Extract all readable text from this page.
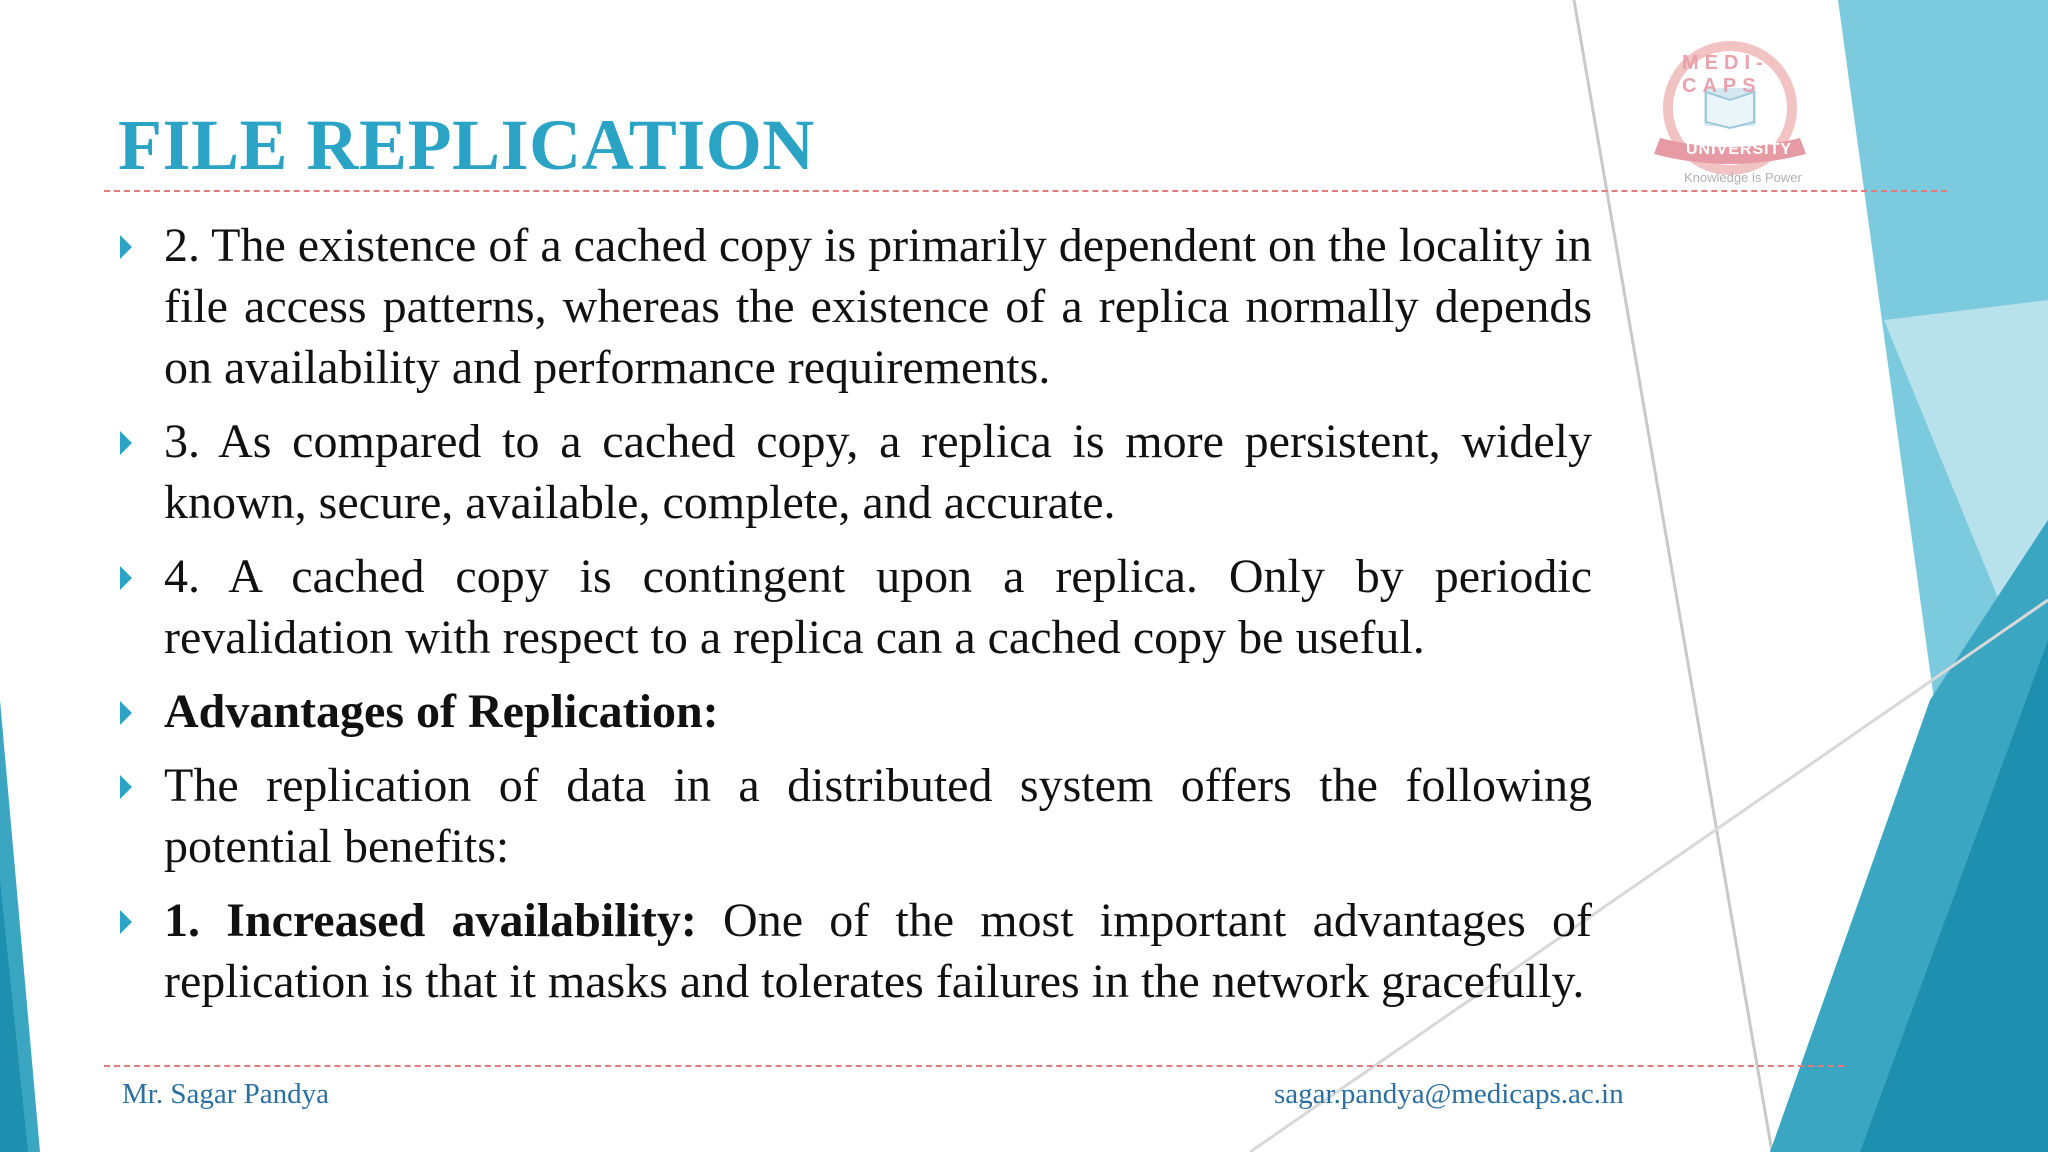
MEDI-CAPS
UNIVERSITY
Knowledge is Power
FILE REPLICATION
2. The existence of a cached copy is primarily dependent on the locality in file access patterns, whereas the existence of a replica normally depends on availability and performance requirements.
3. As compared to a cached copy, a replica is more persistent, widely known, secure, available, complete, and accurate.
4. A cached copy is contingent upon a replica. Only by periodic revalidation with respect to a replica can a cached copy be useful.
Advantages of Replication:
The replication of data in a distributed system offers the following potential benefits:
1. Increased availability: One of the most important advantages of replication is that it masks and tolerates failures in the network gracefully.
Mr. Sagar Pandya	sagar.pandya@medicaps.ac.in
